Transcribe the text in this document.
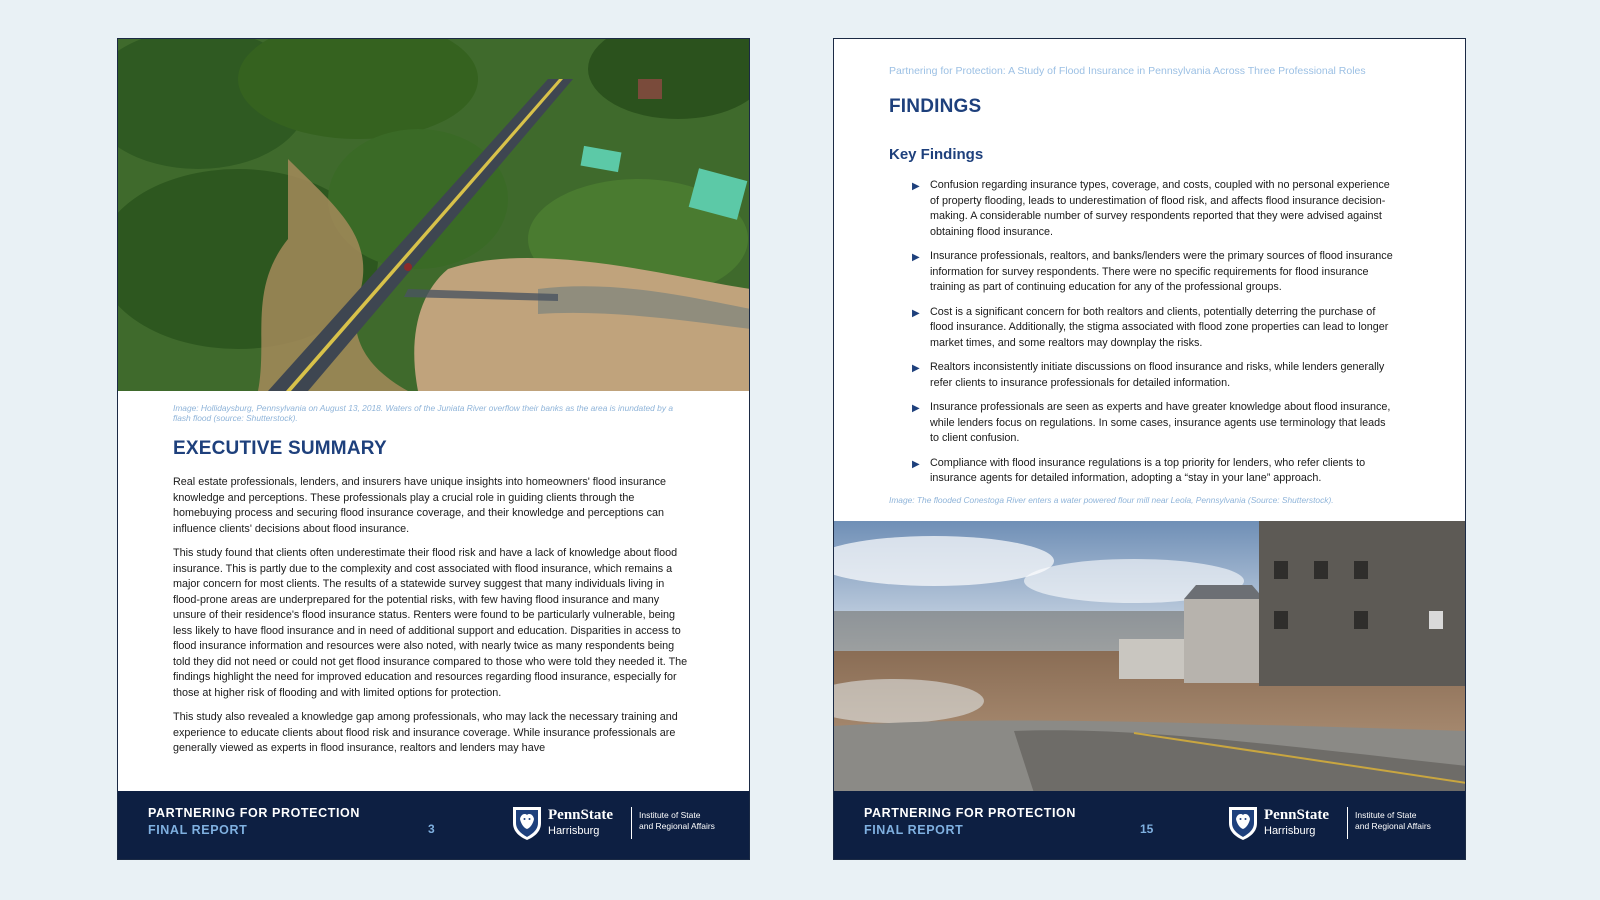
Image: Hollidaysburg, Pennsylvania on August 13, 2018. Waters of the Juniata River overflow their banks as the area is inundated by a flash flood (source: Shutterstock).
EXECUTIVE SUMMARY

Real estate professionals, lenders, and insurers have unique insights into homeowners' flood insurance knowledge and perceptions. These professionals play a crucial role in guiding clients through the homebuying process and securing flood insurance coverage, and their knowledge and perceptions can influence clients' decisions about flood insurance.

This study found that clients often underestimate their flood risk and have a lack of knowledge about flood insurance. This is partly due to the complexity and cost associated with flood insurance, which remains a major concern for most clients. The results of a statewide survey suggest that many individuals living in flood-prone areas are underprepared for the potential risks, with few having flood insurance and many unsure of their residence's flood insurance status. Renters were found to be particularly vulnerable, being less likely to have flood insurance and in need of additional support and education. Disparities in access to flood insurance information and resources were also noted, with nearly twice as many respondents being told they did not need or could not get flood insurance compared to those who were told they needed it. The findings highlight the need for improved education and resources regarding flood insurance, especially for those at higher risk of flooding and with limited options for protection.

This study also revealed a knowledge gap among professionals, who may lack the necessary training and experience to educate clients about flood risk and insurance coverage. While insurance professionals are generally viewed as experts in flood insurance, realtors and lenders may have

PARTNERING FOR PROTECTION
FINAL REPORT	3
PennState
Harrisburg
Institute of State
and Regional Affairs
Partnering for Protection: A Study of Flood Insurance in Pennsylvania Across Three Professional Roles
FINDINGS
Key Findings
▶ Confusion regarding insurance types, coverage, and costs, coupled with no personal experience of property flooding, leads to underestimation of flood risk, and affects flood insurance decision-making. A considerable number of survey respondents reported that they were advised against obtaining flood insurance.
▶ Insurance professionals, realtors, and banks/lenders were the primary sources of flood insurance information for survey respondents. There were no specific requirements for flood insurance training as part of continuing education for any of the professional groups.
▶ Cost is a significant concern for both realtors and clients, potentially deterring the purchase of flood insurance. Additionally, the stigma associated with flood zone properties can lead to longer market times, and some realtors may downplay the risks.
▶ Realtors inconsistently initiate discussions on flood insurance and risks, while lenders generally refer clients to insurance professionals for detailed information.
▶ Insurance professionals are seen as experts and have greater knowledge about flood insurance, while lenders focus on regulations. In some cases, insurance agents use terminology that leads to client confusion.
▶ Compliance with flood insurance regulations is a top priority for lenders, who refer clients to insurance agents for detailed information, adopting a “stay in your lane” approach.
Image: The flooded Conestoga River enters a water powered flour mill near Leola, Pennsylvania (Source: Shutterstock).
PARTNERING FOR PROTECTION
FINAL REPORT	15
PennState
Harrisburg
Institute of State
and Regional Affairs
